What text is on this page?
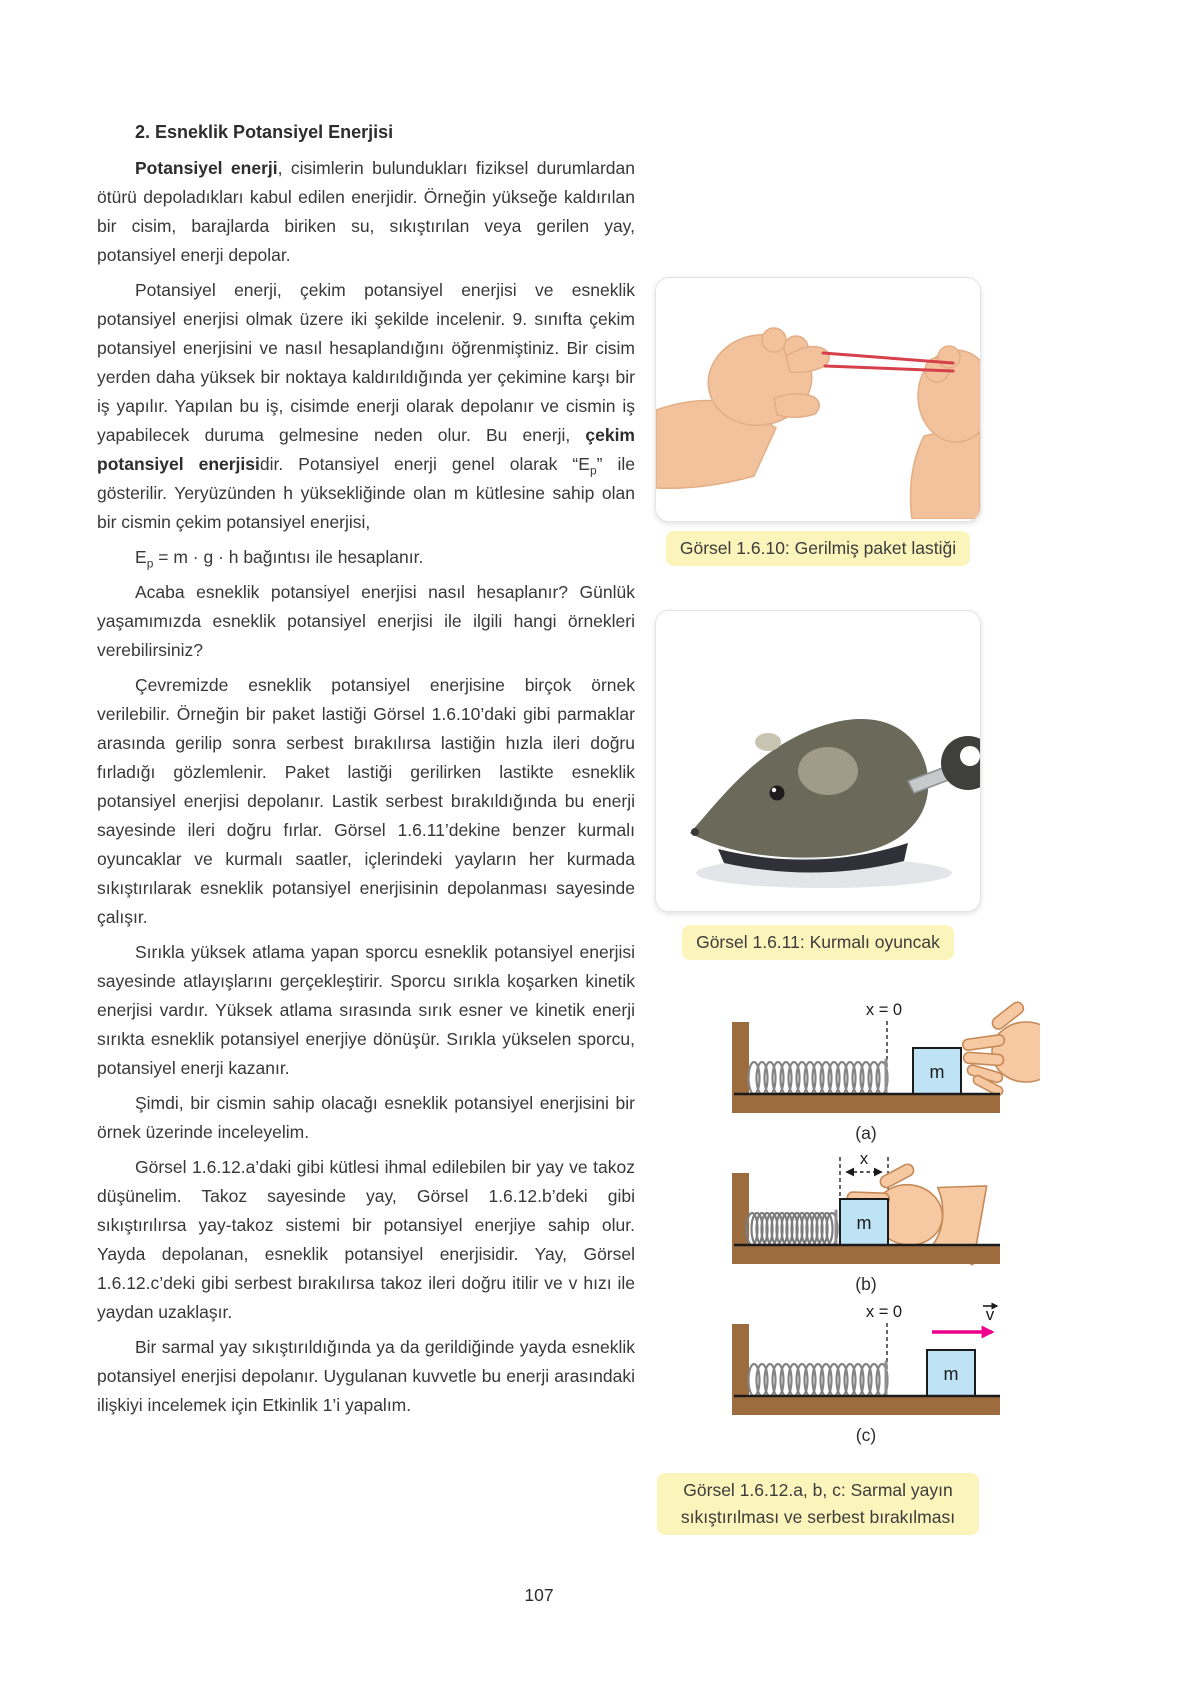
2. Esneklik Potansiyel Enerjisi

Potansiyel enerji, cisimlerin bulundukları fiziksel durumlardan ötürü depoladıkları kabul edilen enerjidir. Örneğin yükseğe kaldırılan bir cisim, barajlarda biriken su, sıkıştırılan veya gerilen yay, potansiyel enerji depolar.

Potansiyel enerji, çekim potansiyel enerjisi ve esneklik potansiyel enerjisi olmak üzere iki şekilde incelenir. 9. sınıfta çekim potansiyel enerjisini ve nasıl hesaplandığını öğrenmiştiniz. Bir cisim yerden daha yüksek bir noktaya kaldırıldığında yer çekimine karşı bir iş yapılır. Yapılan bu iş, cisimde enerji olarak depolanır ve cismin iş yapabilecek duruma gelmesine neden olur. Bu enerji, çekim potansiyel enerjisidir. Potansiyel enerji genel olarak “$E_p$” ile gösterilir. Yeryüzünden h yüksekliğinde olan m kütlesine sahip olan bir cismin çekim potansiyel enerjisi,

$E_p = m \cdot g \cdot h$ bağıntısı ile hesaplanır.

Acaba esneklik potansiyel enerjisi nasıl hesaplanır? Günlük yaşamımızda esneklik potansiyel enerjisi ile ilgili hangi örnekleri verebilirsiniz?

Çevremizde esneklik potansiyel enerjisine birçok örnek verilebilir. Örneğin bir paket lastiği Görsel 1.6.10’daki gibi parmaklar arasında gerilip sonra serbest bırakılırsa lastiğin hızla ileri doğru fırladığı gözlemlenir. Paket lastiği gerilirken lastikte esneklik potansiyel enerjisi depolanır. Lastik serbest bırakıldığında bu enerji sayesinde ileri doğru fırlar. Görsel 1.6.11’dekine benzer kurmalı oyuncaklar ve kurmalı saatler, içlerindeki yayların her kurmada sıkıştırılarak esneklik potansiyel enerjisinin depolanması sayesinde çalışır.

Sırıkla yüksek atlama yapan sporcu esneklik potansiyel enerjisi sayesinde atlayışlarını gerçekleştirir. Sporcu sırıkla koşarken kinetik enerjisi vardır. Yüksek atlama sırasında sırık esner ve kinetik enerji sırıkta esneklik potansiyel enerjiye dönüşür. Sırıkla yükselen sporcu, potansiyel enerji kazanır.

Şimdi, bir cismin sahip olacağı esneklik potansiyel enerjisini bir örnek üzerinde inceleyelim.

Görsel 1.6.12.a’daki gibi kütlesi ihmal edilebilen bir yay ve takoz düşünelim. Takoz sayesinde yay, Görsel 1.6.12.b’deki gibi sıkıştırılırsa yay-takoz sistemi bir potansiyel enerjiye sahip olur. Yayda depolanan, esneklik potansiyel enerjisidir. Yay, Görsel 1.6.12.c’deki gibi serbest bırakılırsa takoz ileri doğru itilir ve v hızı ile yaydan uzaklaşır.

Bir sarmal yay sıkıştırıldığında ya da gerildiğinde yayda esneklik potansiyel enerjisi depolanır. Uygulanan kuvvetle bu enerji arasındaki ilişkiyi incelemek için Etkinlik 1’i yapalım.

Görsel 1.6.10: Gerilmiş paket lastiği
Görsel 1.6.11: Kurmalı oyuncak
x = 0
m
(a)
x
m
(b)
x = 0	v
m
(c)
Görsel 1.6.12.a, b, c: Sarmal yayın sıkıştırılması ve serbest bırakılması
107
